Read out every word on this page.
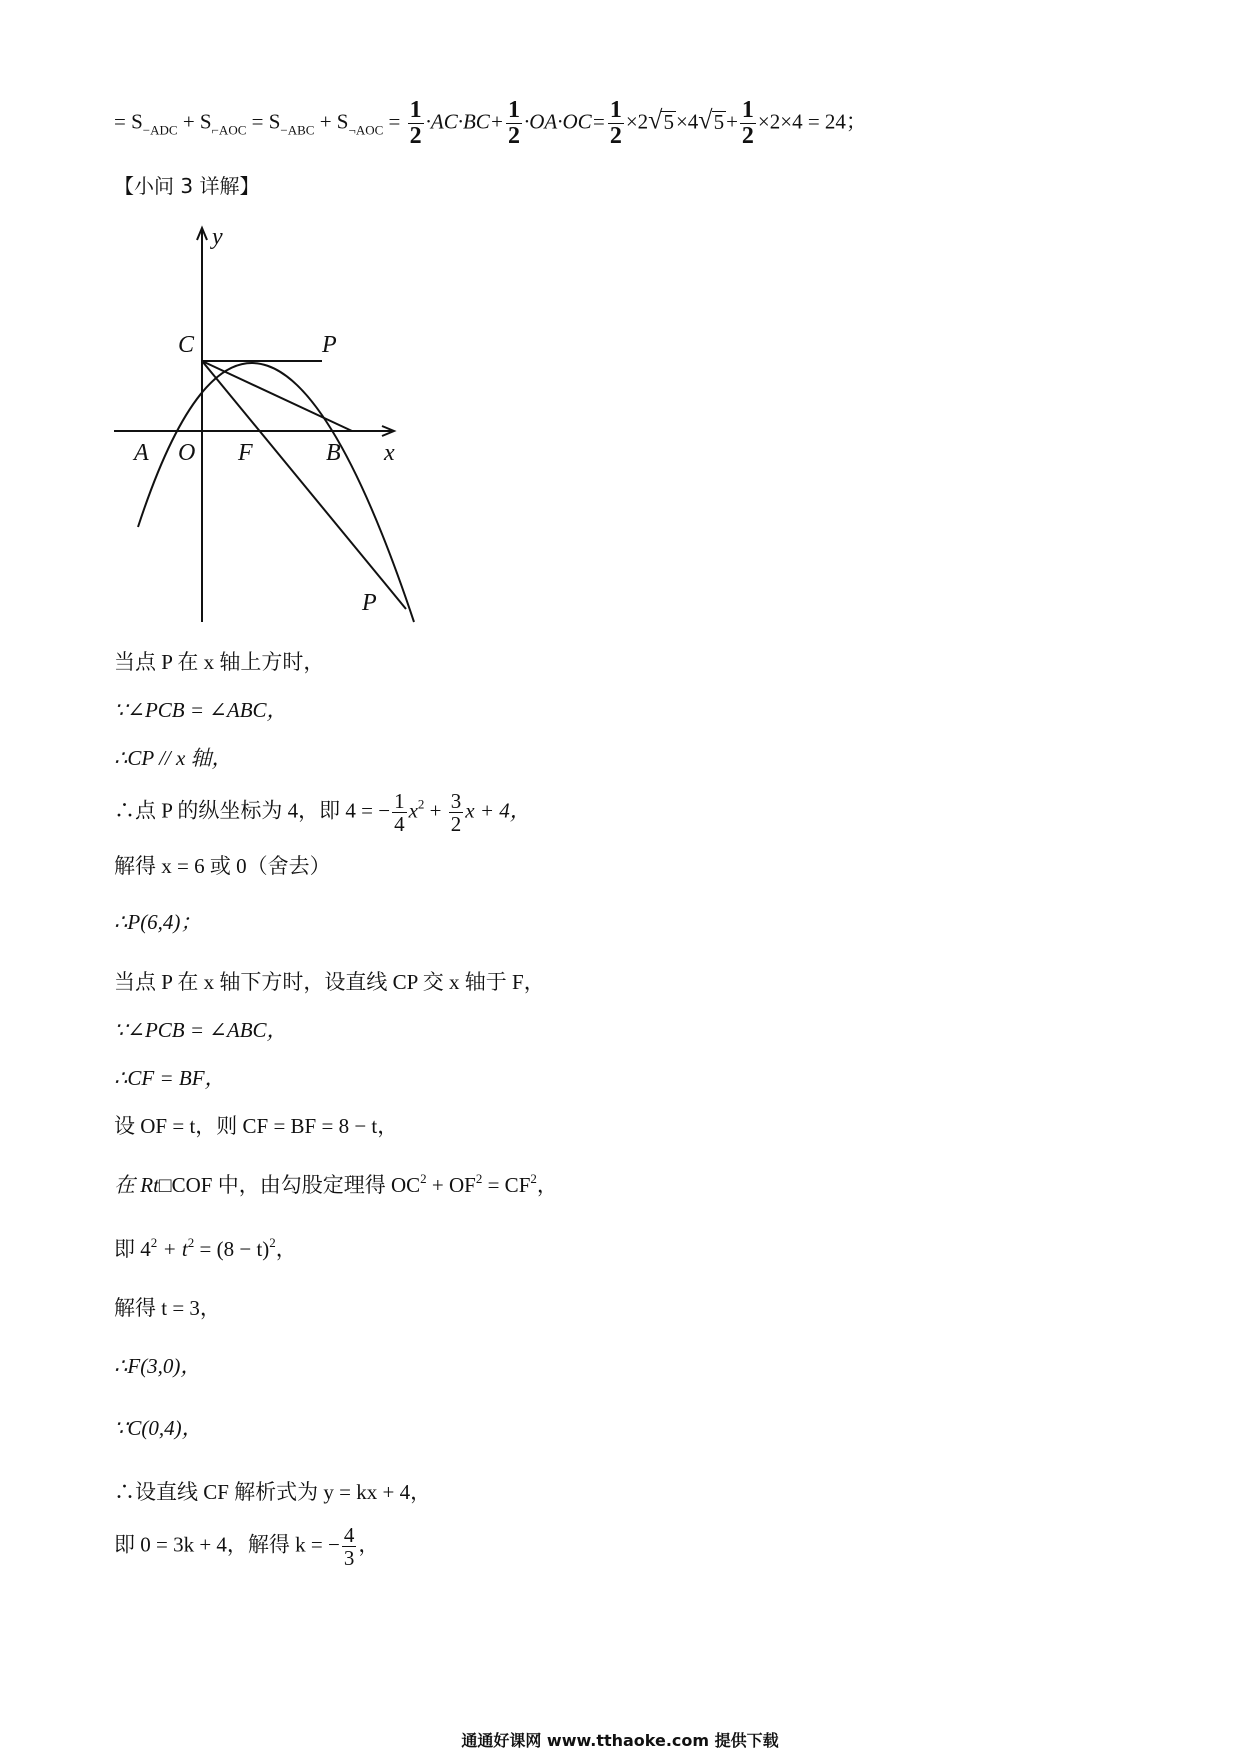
= $S_{-ADC} + S_{⌐AOC} = S_{-ABC} + S_{\neg AOC} = \frac{1}{2} \cdot AC\cdot BC+ \frac{1}{2} \cdot OA\cdot OC= \frac{1}{2} \times 2√5\times 4√5+ \frac{1}{2} \times 2\times 4 = 24$；
【小问 3 详解】
y
x
C	P
A O F	B
P
当点 P 在 x 轴上方时，
∵∠PCB = ∠ABC，
∴CP // x 轴，
∴点 P 的纵坐标为 4，即 4 = − $\frac{1}{4} x^2 + \frac{3}{2}$ x + 4，
解得 x = 6 或 0（舍去）
∴P(6,4)；
当点 P 在 x 轴下方时，设直线 CP 交 x 轴于 F，
∵∠PCB = ∠ABC，
∴CF = BF，
设 OF = t，则 CF = BF = 8 − t，
在 Rt□COF 中，由勾股定理得 $OC^2 + OF^2 = CF^2$，
即 $4^2 + t^2 = (8 - t)^2$，
解得 t = 3，
∴F(3,0)，
∵C(0,4)，
∴设直线 CF 解析式为 y = kx + 4，
即 0 = 3k + 4，解得 k = − $\frac{4}{3}$ ，
通通好课网 www.tthaoke.com 提供下载
